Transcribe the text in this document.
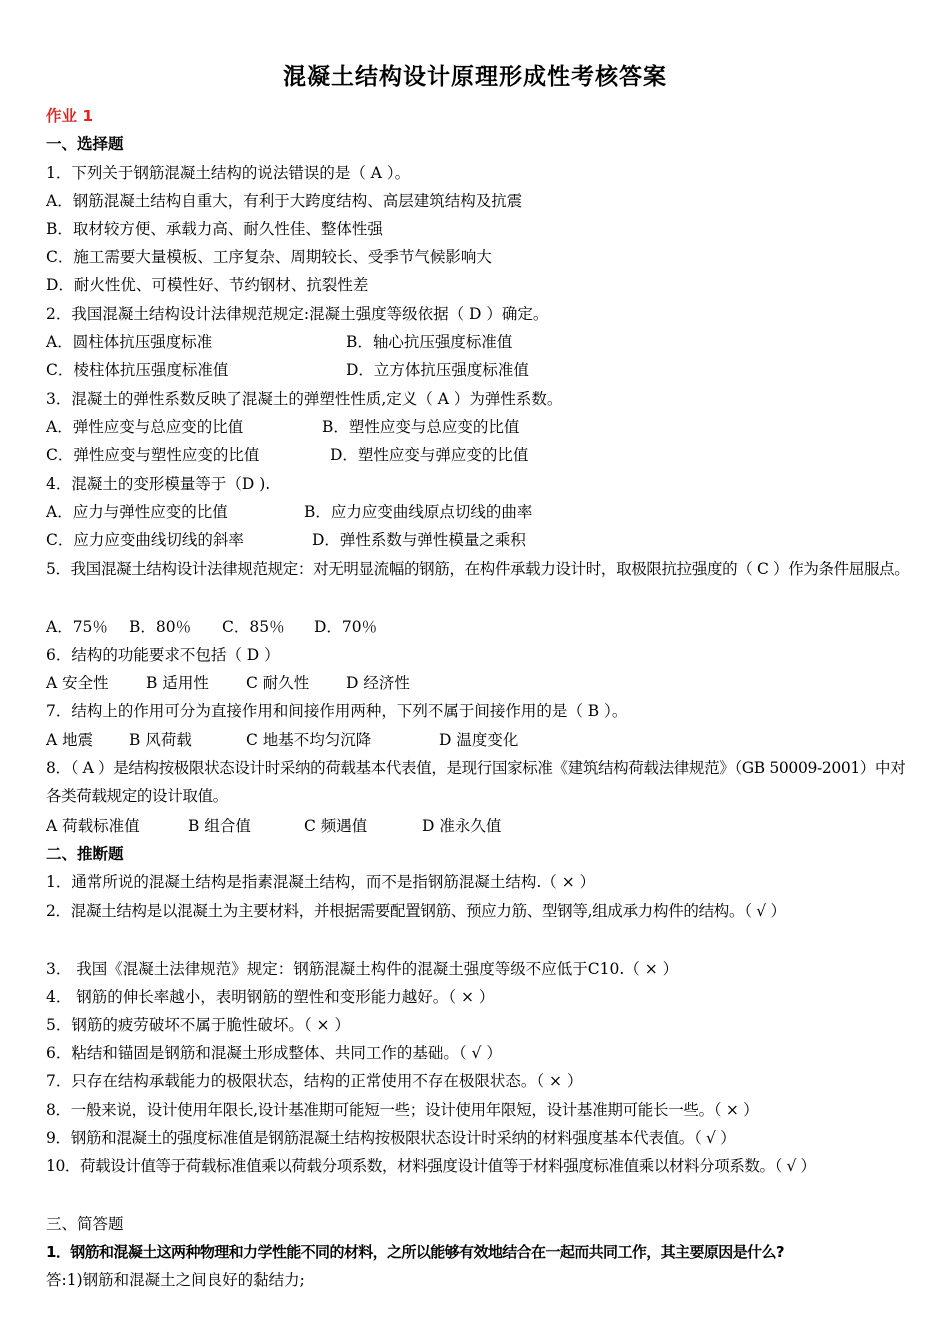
混凝土结构设计原理形成性考核答案
作业 1
一、选择题
1．下列关于钢筋混凝土结构的说法错误的是（ A ）。
A．钢筋混凝土结构自重大，有利于大跨度结构、高层建筑结构及抗震
B．取材较方便、承载力高、耐久性佳、整体性强
C．施工需要大量模板、工序复杂、周期较长、受季节气候影响大
D．耐火性优、可模性好、节约钢材、抗裂性差
2．我国混凝土结构设计法律规范规定:混凝土强度等级依据（ D ）确定。
A．圆柱体抗压强度标准	B．轴心抗压强度标准值
C．棱柱体抗压强度标准值	D．立方体抗压强度标准值
3．混凝土的弹性系数反映了混凝土的弹塑性性质,定义（ A ）为弹性系数。
A．弹性应变与总应变的比值	B．塑性应变与总应变的比值
C．弹性应变与塑性应变的比值	D．塑性应变与弹应变的比值
4．混凝土的变形模量等于（D ).
A．应力与弹性应变的比值	B．应力应变曲线原点切线的曲率
C．应力应变曲线切线的斜率	D．弹性系数与弹性模量之乘积
5．我国混凝土结构设计法律规范规定：对无明显流幅的钢筋，在构件承载力设计时，取极限抗拉强度的（ C ）作为条件屈服点。
A．75％ B．80％ C．85％ D．70％
6．结构的功能要求不包括（ D ）
A 安全性 B 适用性 C 耐久性 D 经济性
7．结构上的作用可分为直接作用和间接作用两种，下列不属于间接作用的是（ B ）。
A 地震 B 风荷载	C 地基不均匀沉降	D 温度变化
8．（ A ）是结构按极限状态设计时采纳的荷载基本代表值，是现行国家标准《建筑结构荷载法律规范》（GB 50009-2001）中对各类荷载规定的设计取值。
A 荷载标准值	B 组合值	C 频遇值	D 准永久值
二、推断题
1．通常所说的混凝土结构是指素混凝土结构，而不是指钢筋混凝土结构.（ × ）
2．混凝土结构是以混凝土为主要材料，并根据需要配置钢筋、预应力筋、型钢等,组成承力构件的结构。（ √ ）
3． 我国《混凝土法律规范》规定：钢筋混凝土构件的混凝土强度等级不应低于C10.（ × ）
4． 钢筋的伸长率越小，表明钢筋的塑性和变形能力越好。（ × ）
5．钢筋的疲劳破坏不属于脆性破坏。（ × ）
6．粘结和锚固是钢筋和混凝土形成整体、共同工作的基础。（ √ ）
7．只存在结构承载能力的极限状态，结构的正常使用不存在极限状态。（ × ）
8．一般来说，设计使用年限长,设计基准期可能短一些；设计使用年限短，设计基准期可能长一些。（ × ）
9．钢筋和混凝土的强度标准值是钢筋混凝土结构按极限状态设计时采纳的材料强度基本代表值。（ √ ）
10．荷载设计值等于荷载标准值乘以荷载分项系数，材料强度设计值等于材料强度标准值乘以材料分项系数。（ √ ）
三、简答题
1．钢筋和混凝土这两种物理和力学性能不同的材料，之所以能够有效地结合在一起而共同工作，其主要原因是什么?
答:1)钢筋和混凝土之间良好的黏结力;
